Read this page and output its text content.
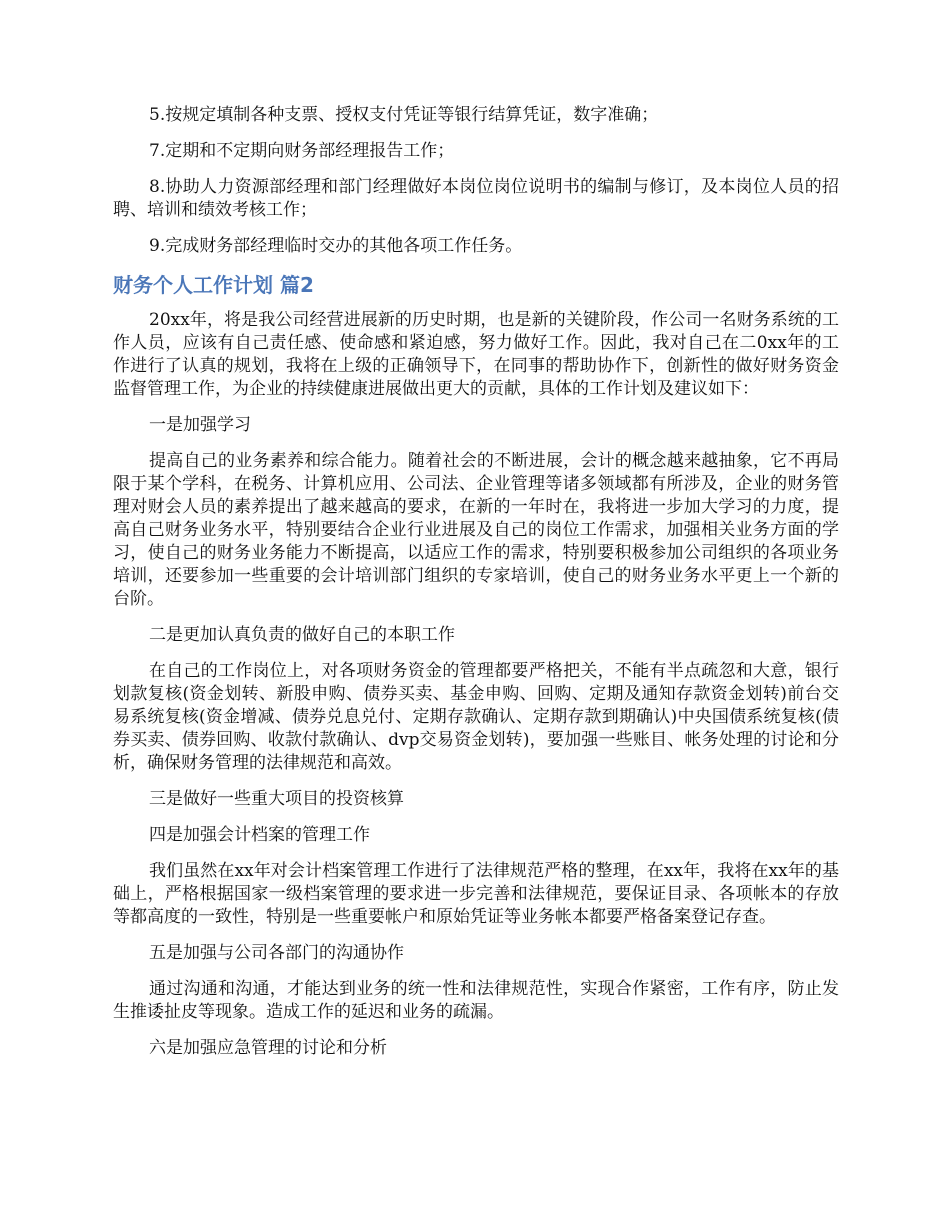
5.按规定填制各种支票、授权支付凭证等银行结算凭证，数字准确；

7.定期和不定期向财务部经理报告工作；

8.协助人力资源部经理和部门经理做好本岗位岗位说明书的编制与修订，及本岗位人员的招聘、培训和绩效考核工作；

9.完成财务部经理临时交办的其他各项工作任务。

财务个人工作计划 篇2

20xx年，将是我公司经营进展新的历史时期，也是新的关键阶段，作公司一名财务系统的工作人员，应该有自己责任感、使命感和紧迫感，努力做好工作。因此，我对自己在二0xx年的工作进行了认真的规划，我将在上级的正确领导下，在同事的帮助协作下，创新性的做好财务资金监督管理工作，为企业的持续健康进展做出更大的贡献，具体的工作计划及建议如下：

一是加强学习

提高自己的业务素养和综合能力。随着社会的不断进展，会计的概念越来越抽象，它不再局限于某个学科，在税务、计算机应用、公司法、企业管理等诸多领域都有所涉及，企业的财务管理对财会人员的素养提出了越来越高的要求，在新的一年时在，我将进一步加大学习的力度，提高自己财务业务水平，特别要结合企业行业进展及自己的岗位工作需求，加强相关业务方面的学习，使自己的财务业务能力不断提高，以适应工作的需求，特别要积极参加公司组织的各项业务培训，还要参加一些重要的会计培训部门组织的专家培训，使自己的财务业务水平更上一个新的台阶。

二是更加认真负责的做好自己的本职工作

在自己的工作岗位上，对各项财务资金的管理都要严格把关，不能有半点疏忽和大意，银行划款复核(资金划转、新股申购、债券买卖、基金申购、回购、定期及通知存款资金划转)前台交易系统复核(资金增减、债券兑息兑付、定期存款确认、定期存款到期确认)中央国债系统复核(债券买卖、债券回购、收款付款确认、dvp交易资金划转)，要加强一些账目、帐务处理的讨论和分析，确保财务管理的法律规范和高效。

三是做好一些重大项目的投资核算

四是加强会计档案的管理工作

我们虽然在xx年对会计档案管理工作进行了法律规范严格的整理，在xx年，我将在xx年的基础上，严格根据国家一级档案管理的要求进一步完善和法律规范，要保证目录、各项帐本的存放等都高度的一致性，特别是一些重要帐户和原始凭证等业务帐本都要严格备案登记存查。

五是加强与公司各部门的沟通协作

通过沟通和沟通，才能达到业务的统一性和法律规范性，实现合作紧密，工作有序，防止发生推诿扯皮等现象。造成工作的延迟和业务的疏漏。

六是加强应急管理的讨论和分析
